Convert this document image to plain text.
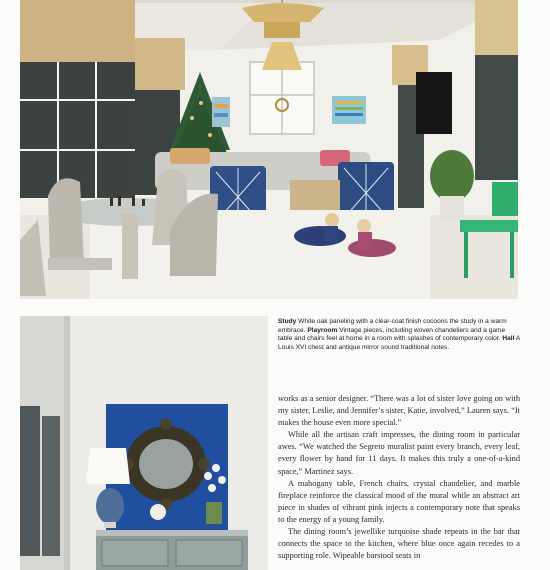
Study White oak paneling with a clear-coat finish cocoons the study in a warm embrace. Playroom Vintage pieces, including woven chandeliers and a game table and chairs feel at home in a room with splashes of contemporary color. Hall A Louis XVI chest and antique mirror sound traditional notes.

works as a senior designer. “There was a lot of sister love going on with my sister, Leslie, and Jennifer’s sister, Katie, involved,” Lauren says. “It makes the house even more special.”

While all the artisan craft impresses, the dining room in particular awes. “We watched the Segreto muralist paint every branch, every leaf, every flower by hand for 11 days. It makes this truly a one-of-a-kind space,” Martinez says.

A mahogany table, French chairs, crystal chandelier, and marble fireplace reinforce the classical mood of the mural while an abstract art piece in shades of vibrant pink injects a contemporary note that speaks to the energy of a young family.

The dining room’s jewellike turquoise shade repeats in the bar that connects the space to the kitchen, where blue once again recedes to a supporting role. Wipeable barstool seats in
